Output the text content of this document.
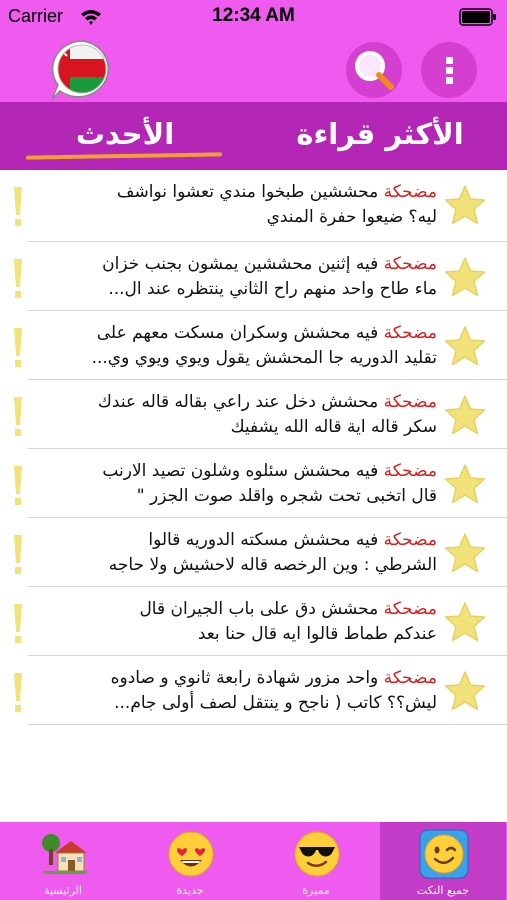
Carrier	12:34 AM
الأكثر قراءة
الأحدث
مضحكة محششين طبخوا مندي تعشوا نواشف
ليه؟ ضيعوا حفرة المندي
مضحكة فيه إثنين محششين يمشون بجنب خزان
ماء طاح واحد منهم راح الثاني ينتظره عند ال...
مضحكة فيه محشش وسكران مسكت معهم على
تقليد الدوريه جا المحشش يقول ويوي ويوي وي...
مضحكة محشش دخل عند راعي بقاله قاله عندك
سكر قاله اية قاله الله يشفيك
مضحكة فيه محشش سئلوه وشلون تصيد الارنب
قال اتخبى تحت شجره واقلد صوت الجزر "
مضحكة فيه محشش مسكته الدوريه قالوا
الشرطي : وين الرخصه قاله لاحشيش ولا حاجه
مضحكة محشش دق على باب الجيران قال
عندكم طماط قالوا ايه قال حنا بعد
مضحكة واحد مزور شهادة رابعة ثانوي و صادوه
ليش؟؟ كاتب ( ناجح و ينتقل لصف أولى جام...
الرئيسية	جديدة	مميزة	جميع النكت
